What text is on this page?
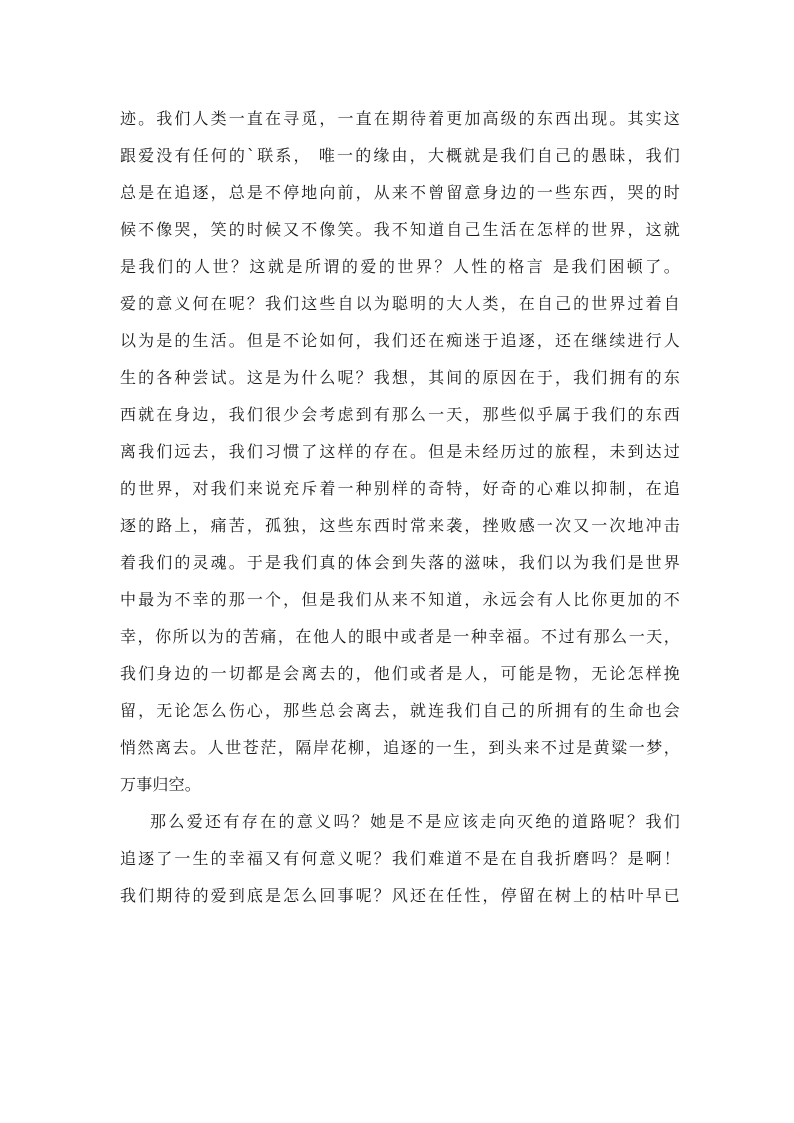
迹。我们人类一直在寻觅，一直在期待着更加高级的东西出现。其实这
跟爱没有任何的`联系， 唯一的缘由，大概就是我们自己的愚昧，我们
总是在追逐，总是不停地向前，从来不曾留意身边的一些东西，哭的时
候不像哭，笑的时候又不像笑。我不知道自己生活在怎样的世界，这就
是我们的人世？这就是所谓的爱的世界？人性的格言 是我们困顿了。
爱的意义何在呢？我们这些自以为聪明的大人类，在自己的世界过着自
以为是的生活。但是不论如何，我们还在痴迷于追逐，还在继续进行人
生的各种尝试。这是为什么呢？我想，其间的原因在于，我们拥有的东
西就在身边，我们很少会考虑到有那么一天，那些似乎属于我们的东西
离我们远去，我们习惯了这样的存在。但是未经历过的旅程，未到达过
的世界，对我们来说充斥着一种别样的奇特，好奇的心难以抑制，在追
逐的路上，痛苦，孤独，这些东西时常来袭，挫败感一次又一次地冲击
着我们的灵魂。于是我们真的体会到失落的滋味，我们以为我们是世界
中最为不幸的那一个，但是我们从来不知道，永远会有人比你更加的不
幸，你所以为的苦痛，在他人的眼中或者是一种幸福。不过有那么一天，
我们身边的一切都是会离去的，他们或者是人，可能是物，无论怎样挽
留，无论怎么伤心，那些总会离去，就连我们自己的所拥有的生命也会
悄然离去。人世苍茫，隔岸花柳，追逐的一生，到头来不过是黄粱一梦，
万事归空。
那么爱还有存在的意义吗？她是不是应该走向灭绝的道路呢？我们
追逐了一生的幸福又有何意义呢？我们难道不是在自我折磨吗？是啊！
我们期待的爱到底是怎么回事呢？风还在任性，停留在树上的枯叶早已
